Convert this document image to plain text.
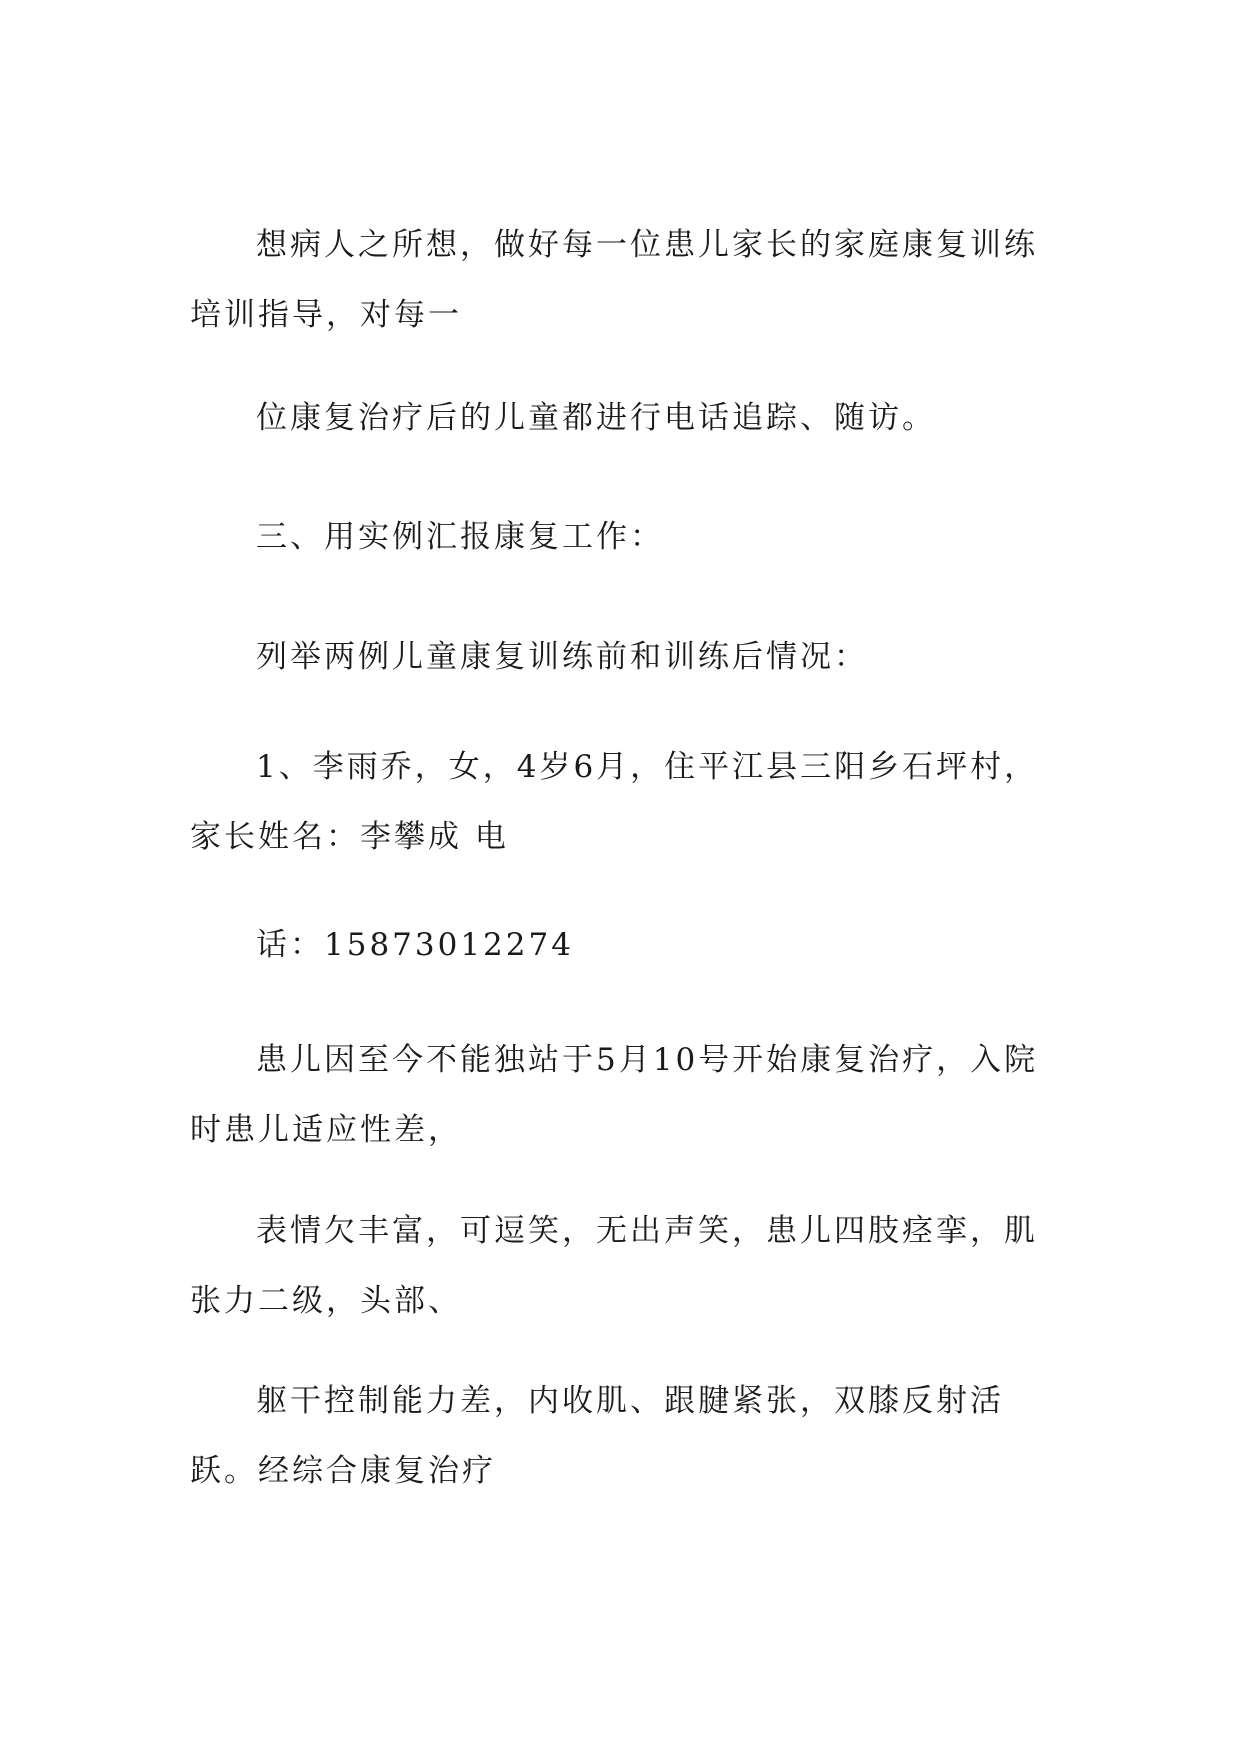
想病人之所想，做好每一位患儿家长的家庭康复训练培训指导，对每一

位康复治疗后的儿童都进行电话追踪、随访。

三、用实例汇报康复工作：

列举两例儿童康复训练前和训练后情况：

1、李雨乔，女，4岁6月，住平江县三阳乡石坪村，家长姓名：李攀成 电

话：15873012274

患儿因至今不能独站于5月10号开始康复治疗，入院时患儿适应性差，

表情欠丰富，可逗笑，无出声笑，患儿四肢痉挛，肌张力二级，头部、

躯干控制能力差，内收肌、跟腱紧张，双膝反射活跃。经综合康复治疗
